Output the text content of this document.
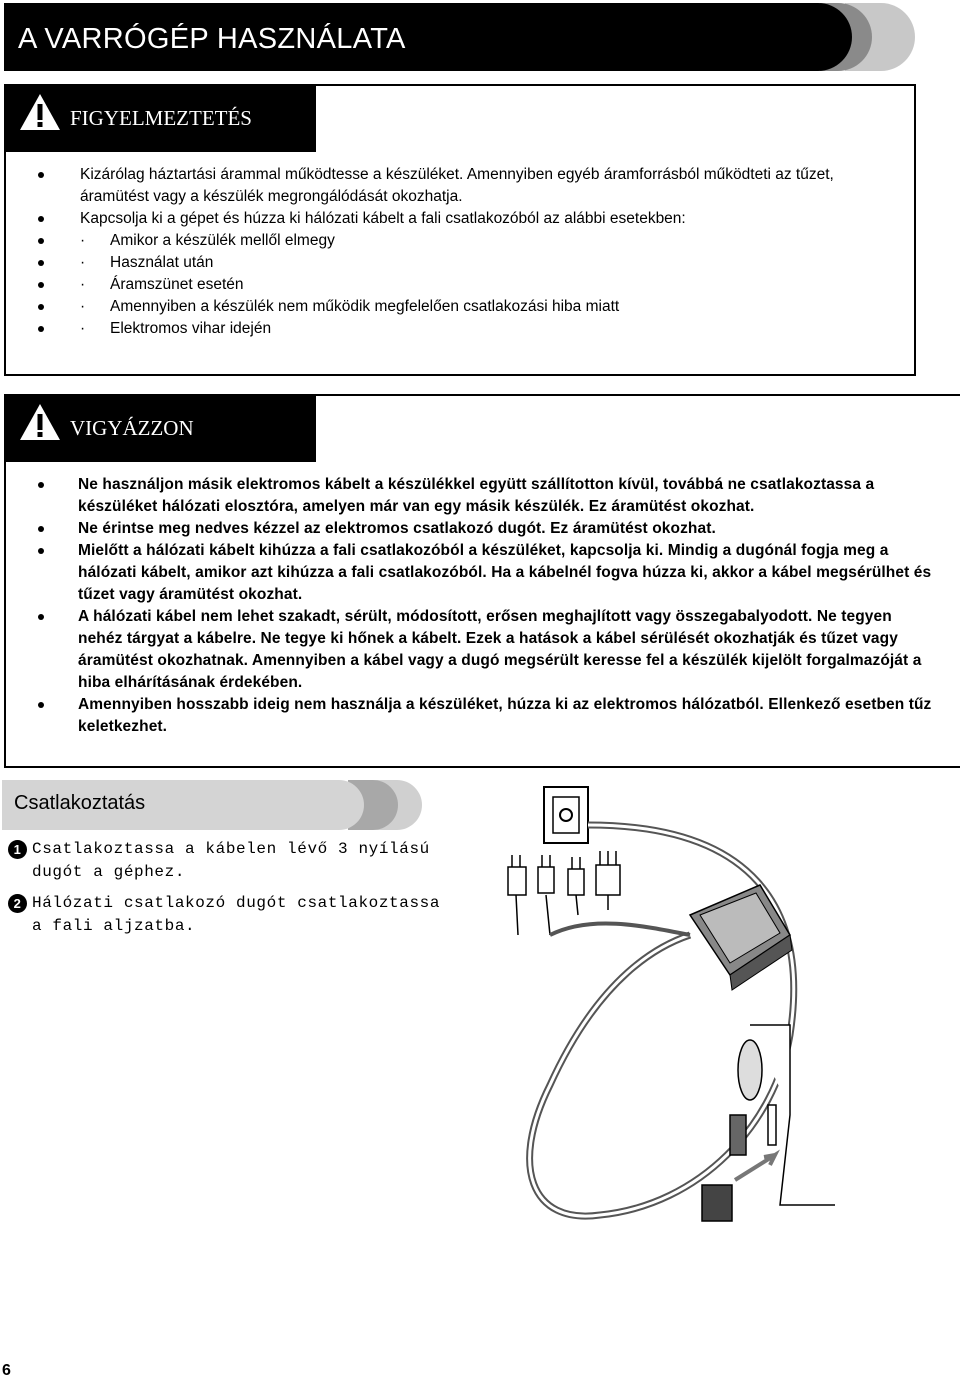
A VARRÓGÉP HASZNÁLATA
FIGYELMEZTETÉS
Kizárólag háztartási árammal működtesse a készüléket. Amennyiben egyéb áramforrásból működteti az tűzet, áramütést vagy a készülék megrongálódását okozhatja.
Kapcsolja ki a gépet és húzza ki hálózati kábelt a fali csatlakozóból az alábbi esetekben:
· Amikor a készülék mellől elmegy
· Használat után
· Áramszünet esetén
· Amennyiben a készülék nem működik megfelelően csatlakozási hiba miatt
· Elektromos vihar idején
VIGYÁZZON
Ne használjon másik elektromos kábelt a készülékkel együtt szállítotton kívül, továbbá ne csatlakoztassa a készüléket hálózati elosztóra, amelyen már van egy másik készülék. Ez áramütést okozhat.
Ne érintse meg nedves kézzel az elektromos csatlakozó dugót. Ez áramütést okozhat.
Mielőtt a hálózati kábelt kihúzza a fali csatlakozóból a készüléket, kapcsolja ki. Mindig a dugónál fogja meg a hálózati kábelt, amikor azt kihúzza a fali csatlakozóból. Ha a kábelnél fogva húzza ki, akkor a kábel megsérülhet és tűzet vagy áramütést okozhat.
A hálózati kábel nem lehet szakadt, sérült, módosított, erősen meghajlított vagy összegabalyodott. Ne tegyen nehéz tárgyat a kábelre. Ne tegye ki hőnek a kábelt. Ezek a hatások a kábel sérülését okozhatják és tűzet vagy áramütést okozhatnak. Amennyiben a kábel vagy a dugó megsérült keresse fel a készülék kijelölt forgalmazóját a hiba elhárításának érdekében.
Amennyiben hosszabb ideig nem használja a készüléket, húzza ki az elektromos hálózatból. Ellenkező esetben tűz keletkezhet.
Csatlakoztatás
1 Csatlakoztassa a kábelen lévő 3 nyílású dugót a géphez.
2 Hálózati csatlakozó dugót csatlakoztassa a fali aljzatba.
6
